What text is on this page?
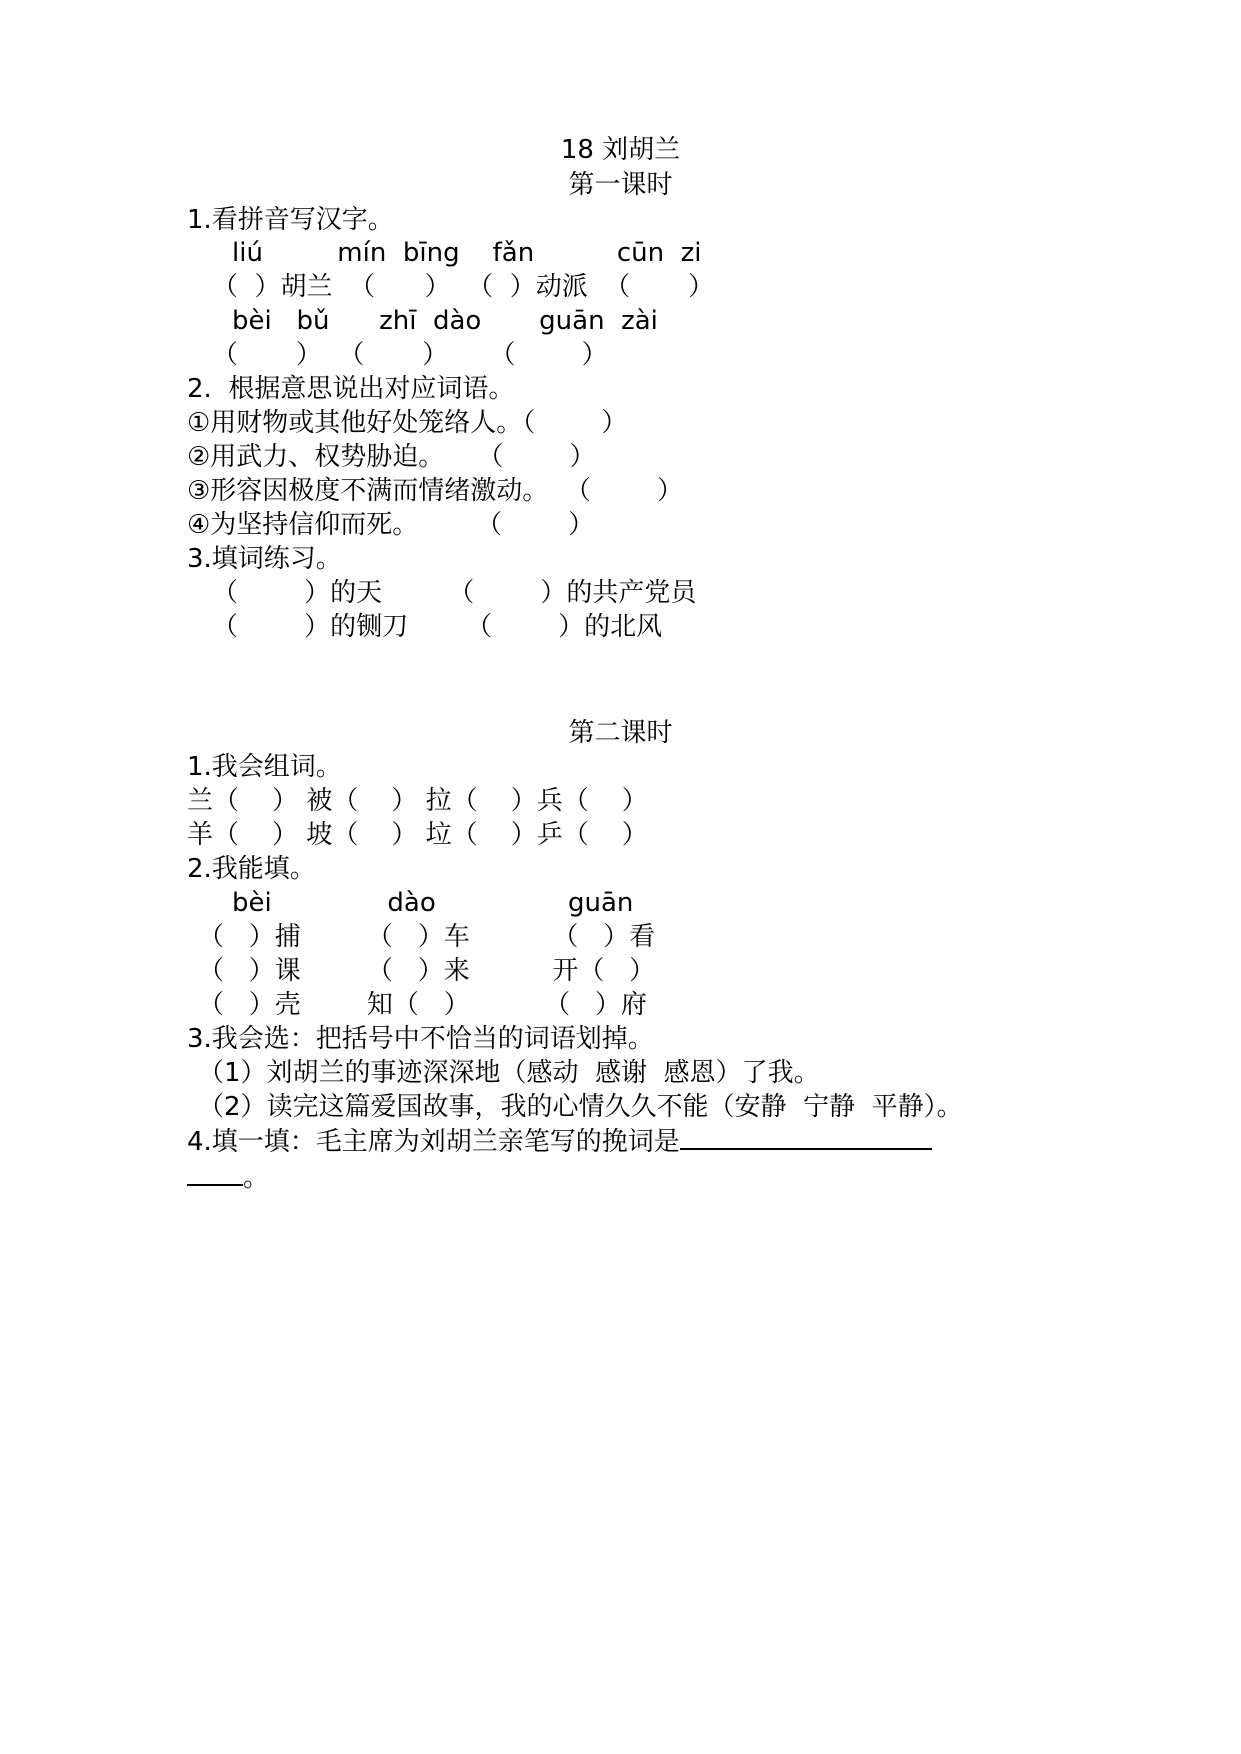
18 刘胡兰
第一课时
1.看拼音写汉字。
liú         mín  bīng    fǎn          cūn  zi
（  ）胡兰  （      ）  （  ）动派  （       ）
bèi   bǔ      zhī  dào       guān  zài
（       ）  （       ）     （        ）
2.  根据意思说出对应词语。
①用财物或其他好处笼络人。（        ）
②用武力、权势胁迫。    （        ）
③形容因极度不满而情绪激动。  （        ）
④为坚持信仰而死。       （        ）
3.填词练习。
（        ）的天        （        ）的共产党员
（        ）的铡刀       （        ）的北风
第二课时
1.我会组词。
兰（    ） 被（    ） 拉（    ）兵（    ）
羊（    ） 坡（    ） 垃（    ）乒（    ）
2.我能填。
bèi              dào                guān
（   ）捕        （   ）车          （   ）看
（   ）课        （   ）来          开（   ）
（   ）壳        知（   ）         （   ）府
3.我会选：把括号中不恰当的词语划掉。
（1）刘胡兰的事迹深深地（感动  感谢  感恩）了我。
（2）读完这篇爱国故事，我的心情久久不能（安静  宁静  平静）。
4.填一填：毛主席为刘胡兰亲笔写的挽词是
。
